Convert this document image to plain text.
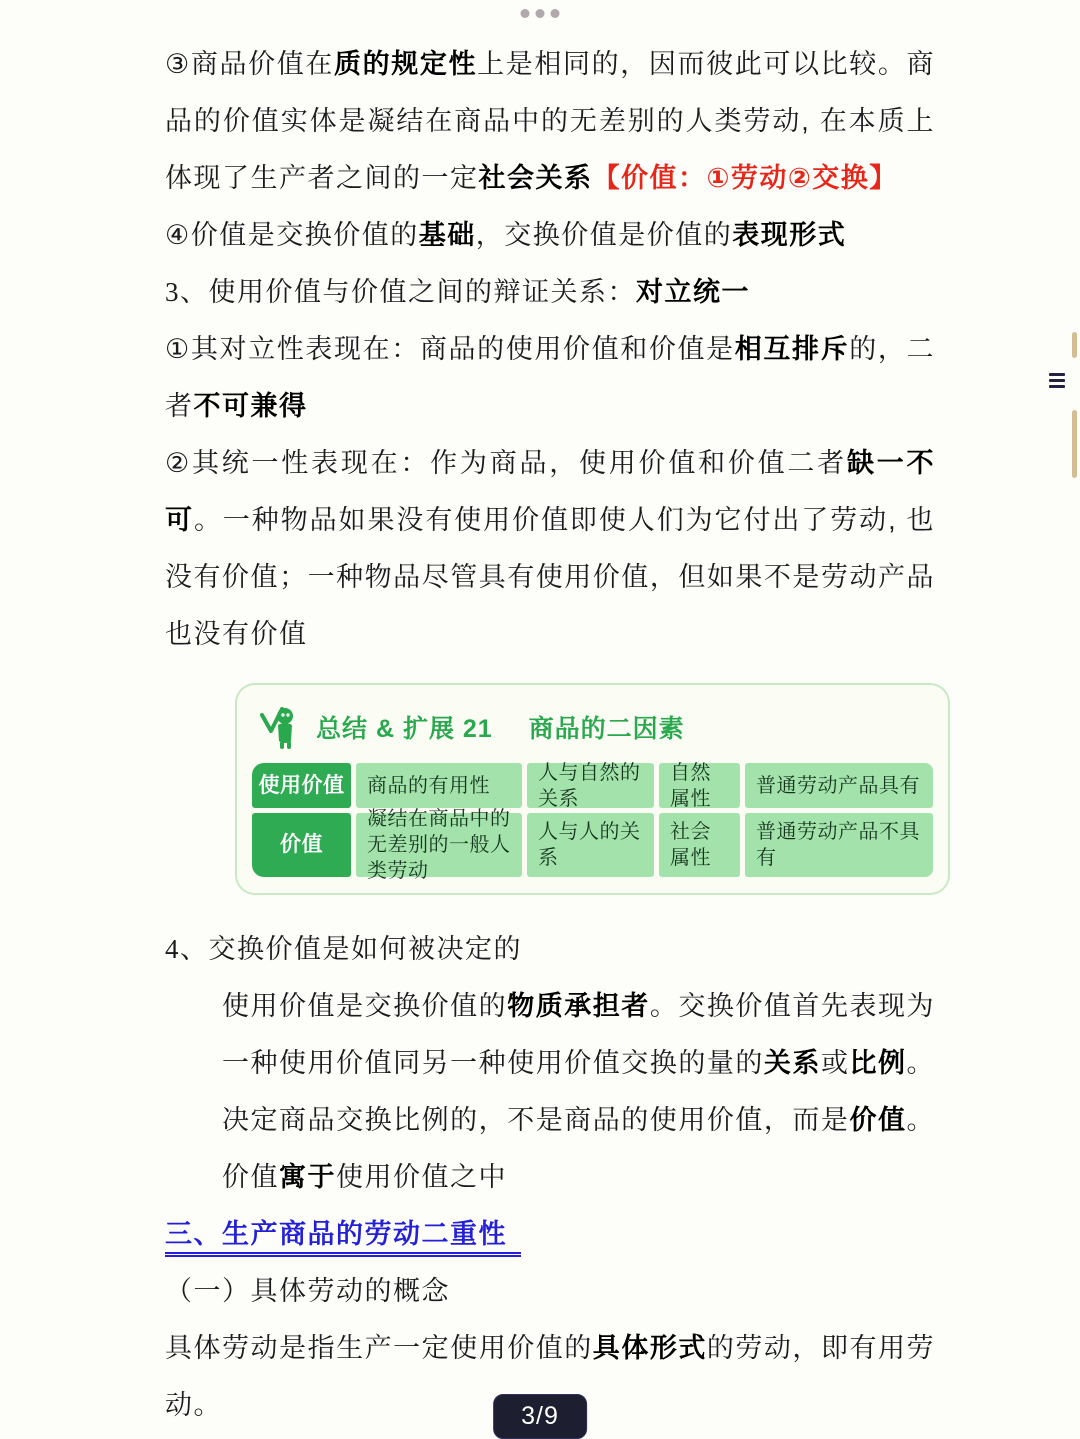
③商品价值在质的规定性上是相同的，因而彼此可以比较。商品的价值实体是凝结在商品中的无差别的人类劳动, 在本质上体现了生产者之间的一定社会关系【价值：①劳动②交换】
④价值是交换价值的基础，交换价值是价值的表现形式
3、使用价值与价值之间的辩证关系：对立统一
①其对立性表现在：商品的使用价值和价值是相互排斥的，二者不可兼得
②其统一性表现在：作为商品，使用价值和价值二者缺一不可。一种物品如果没有使用价值即使人们为它付出了劳动, 也没有价值；一种物品尽管具有使用价值，但如果不是劳动产品也没有价值
总结 & 扩展 21 商品的二因素
使用价值	商品的有用性
人与自然的关系
自然属性
普通劳动产品具有
价值
凝结在商品中的无差别的一般人类劳动
人与人的关系
社会属性
普通劳动产品不具有
4、交换价值是如何被决定的
使用价值是交换价值的物质承担者。交换价值首先表现为一种使用价值同另一种使用价值交换的量的关系或比例。决定商品交换比例的，不是商品的使用价值，而是价值。价值寓于使用价值之中
三、生产商品的劳动二重性
（一）具体劳动的概念
具体劳动是指生产一定使用价值的具体形式的劳动，即有用劳动。	3/9
